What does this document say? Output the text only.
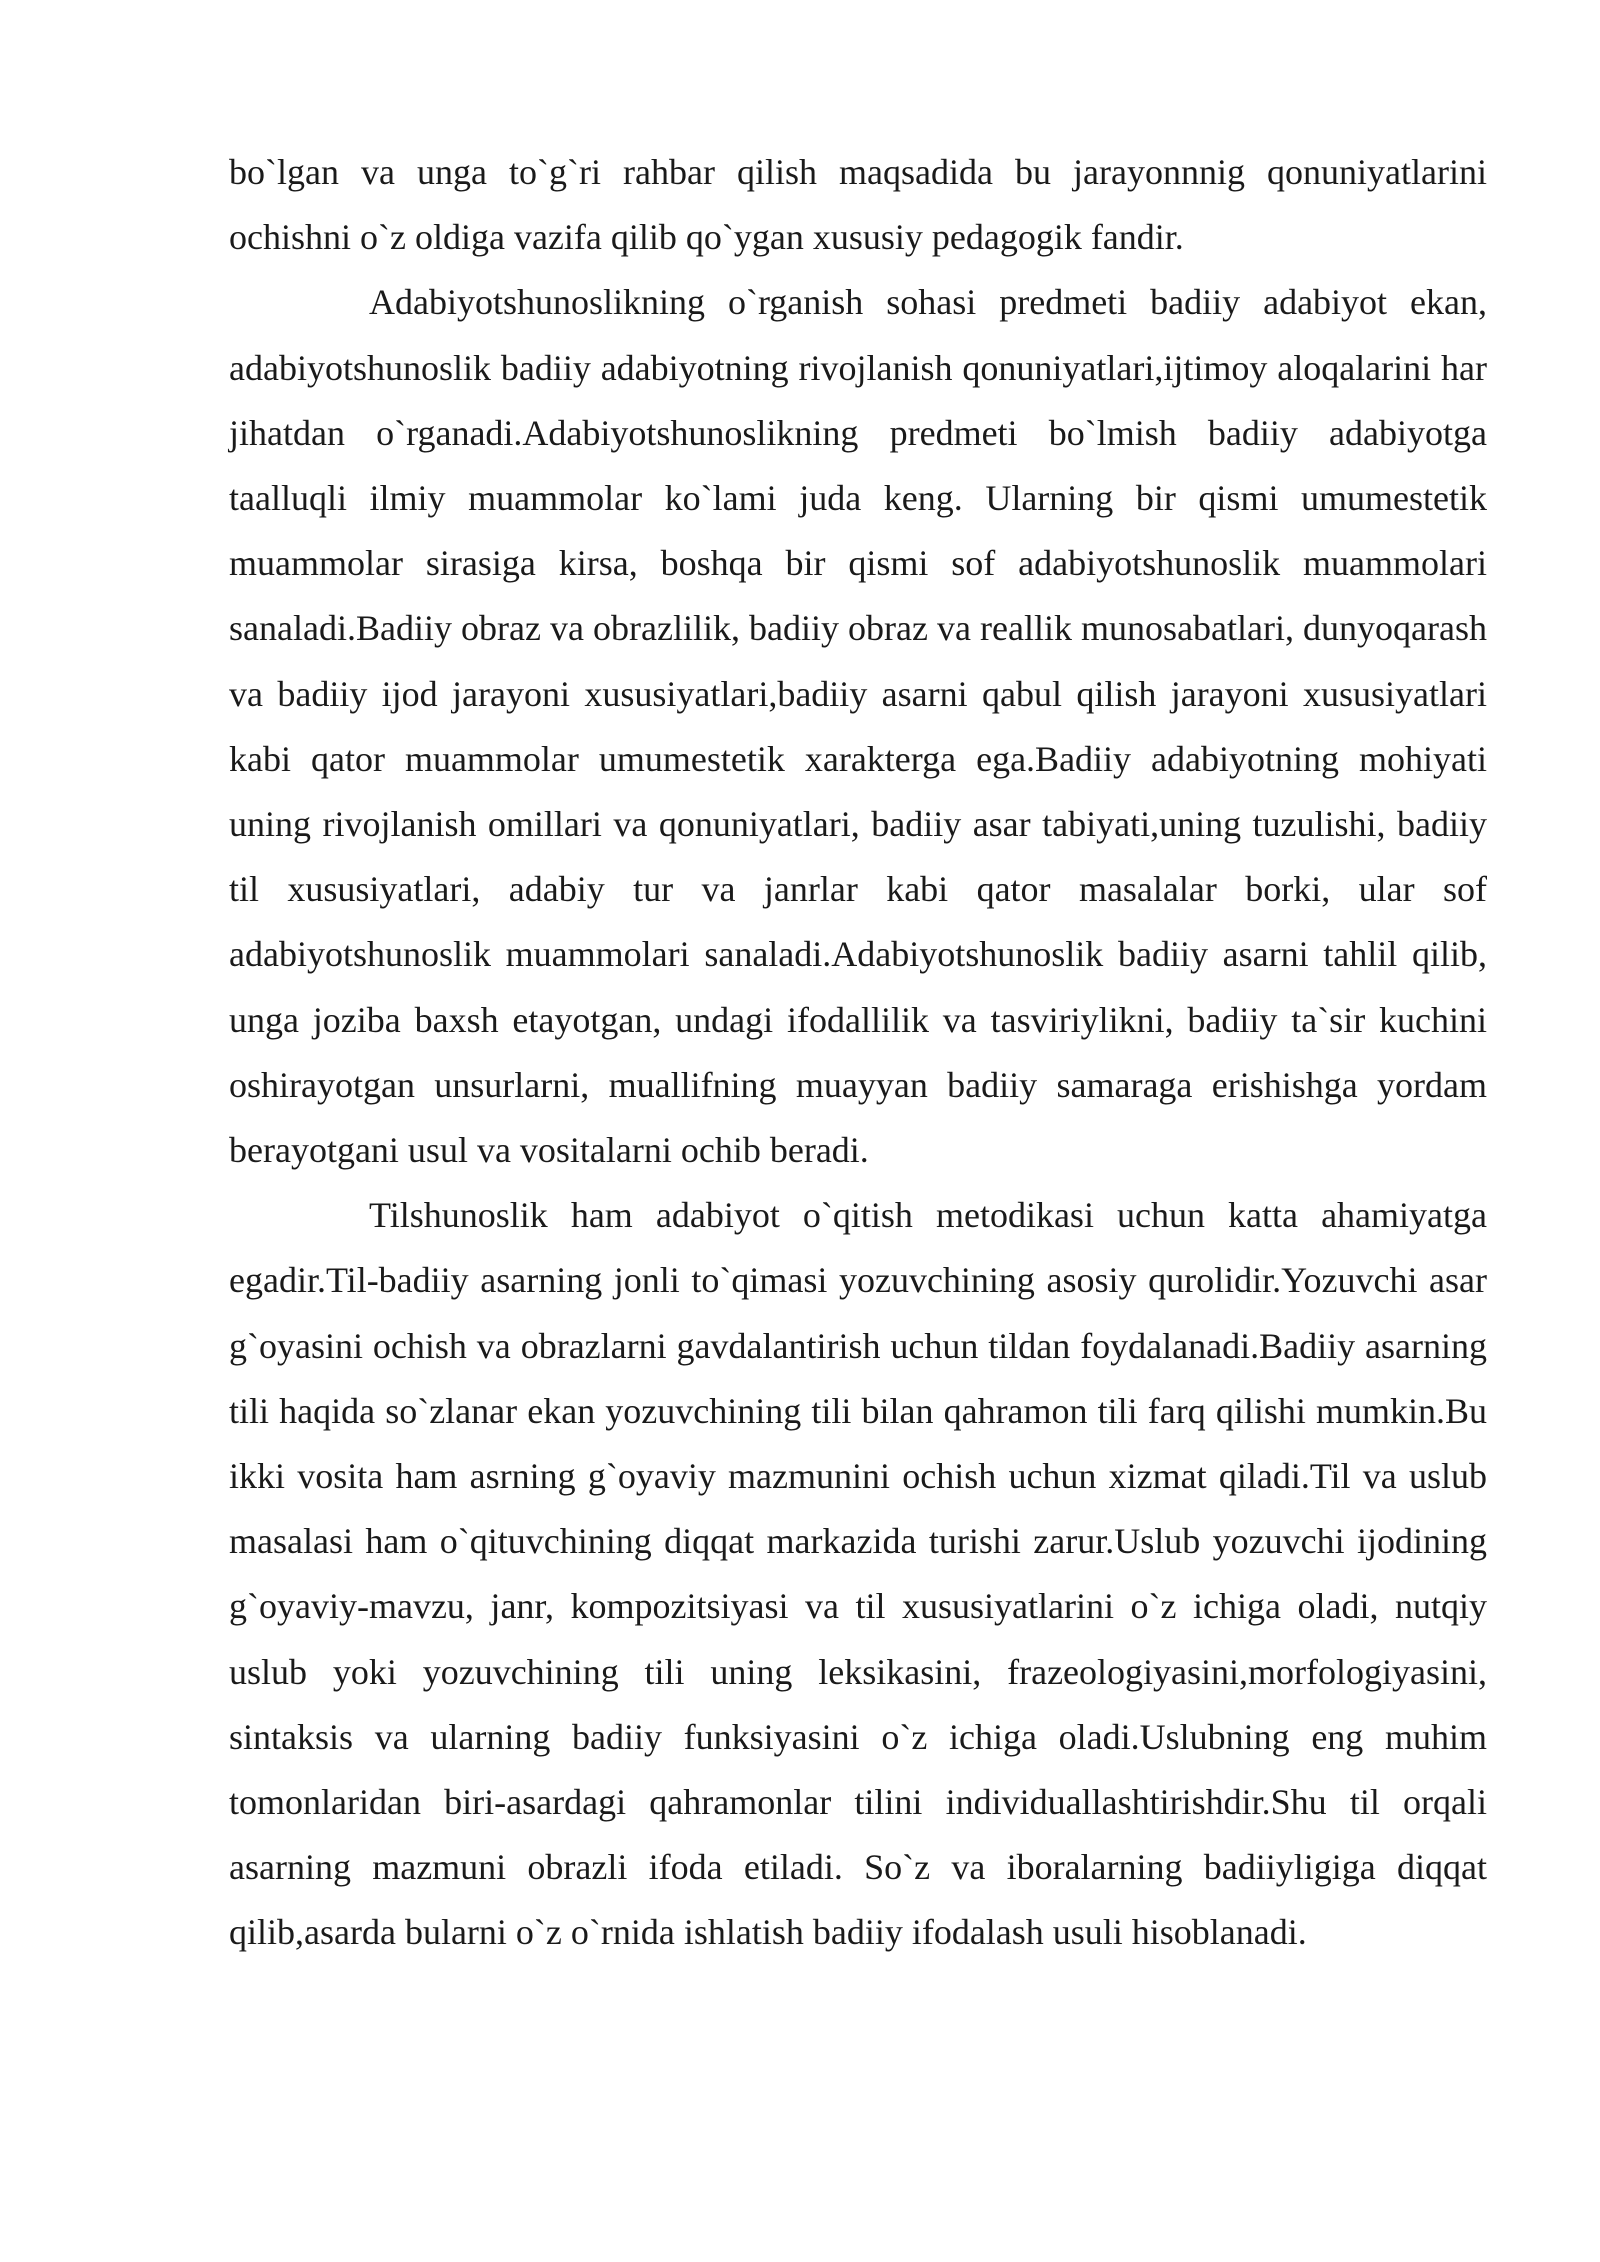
bo`lgan va unga to`g`ri rahbar qilish maqsadida bu jarayonnnig qonuniyatlarini ochishni o`z oldiga vazifa qilib qo`ygan xususiy pedagogik fandir.

Adabiyotshunoslikning o`rganish sohasi predmeti badiiy adabiyot ekan, adabiyotshunoslik badiiy adabiyotning rivojlanish qonuniyatlari,ijtimoy aloqalarini har jihatdan o`rganadi.Adabiyotshunoslikning predmeti bo`lmish badiiy adabiyotga taalluqli ilmiy muammolar ko`lami juda keng. Ularning bir qismi umumestetik muammolar sirasiga kirsa, boshqa bir qismi sof adabiyotshunoslik muammolari sanaladi.Badiiy obraz va obrazlilik, badiiy obraz va reallik munosabatlari, dunyoqarash va badiiy ijod jarayoni xususiyatlari,badiiy asarni qabul qilish jarayoni xususiyatlari kabi qator muammolar umumestetik xarakterga ega.Badiiy adabiyotning mohiyati uning rivojlanish omillari va qonuniyatlari, badiiy asar tabiyati,uning tuzulishi, badiiy til xususiyatlari, adabiy tur va janrlar kabi qator masalalar borki, ular sof adabiyotshunoslik muammolari sanaladi.Adabiyotshunoslik badiiy asarni tahlil qilib, unga joziba baxsh etayotgan, undagi ifodallilik va tasviriylikni, badiiy ta`sir kuchini oshirayotgan unsurlarni, muallifning muayyan badiiy samaraga erishishga yordam berayotgani usul va vositalarni ochib beradi.

Tilshunoslik ham adabiyot o`qitish metodikasi uchun katta ahamiyatga egadir.Til-badiiy asarning jonli to`qimasi yozuvchining asosiy qurolidir.Yozuvchi asar g`oyasini ochish va obrazlarni gavdalantirish uchun tildan foydalanadi.Badiiy asarning tili haqida so`zlanar ekan yozuvchining tili bilan qahramon tili farq qilishi mumkin.Bu ikki vosita ham asrning g`oyaviy mazmunini ochish uchun xizmat qiladi.Til va uslub masalasi ham o`qituvchining diqqat markazida turishi zarur.Uslub yozuvchi ijodining g`oyaviy-mavzu, janr, kompozitsiyasi va til xususiyatlarini o`z ichiga oladi, nutqiy uslub yoki yozuvchining tili uning leksikasini, frazeologiyasini,morfologiyasini, sintaksis va ularning badiiy funksiyasini o`z ichiga oladi.Uslubning eng muhim tomonlaridan biri-asardagi qahramonlar tilini individuallashtirishdir.Shu til orqali asarning mazmuni obrazli ifoda etiladi. So`z va iboralarning badiiyligiga diqqat qilib,asarda bularni o`z o`rnida ishlatish badiiy ifodalash usuli hisoblanadi.
